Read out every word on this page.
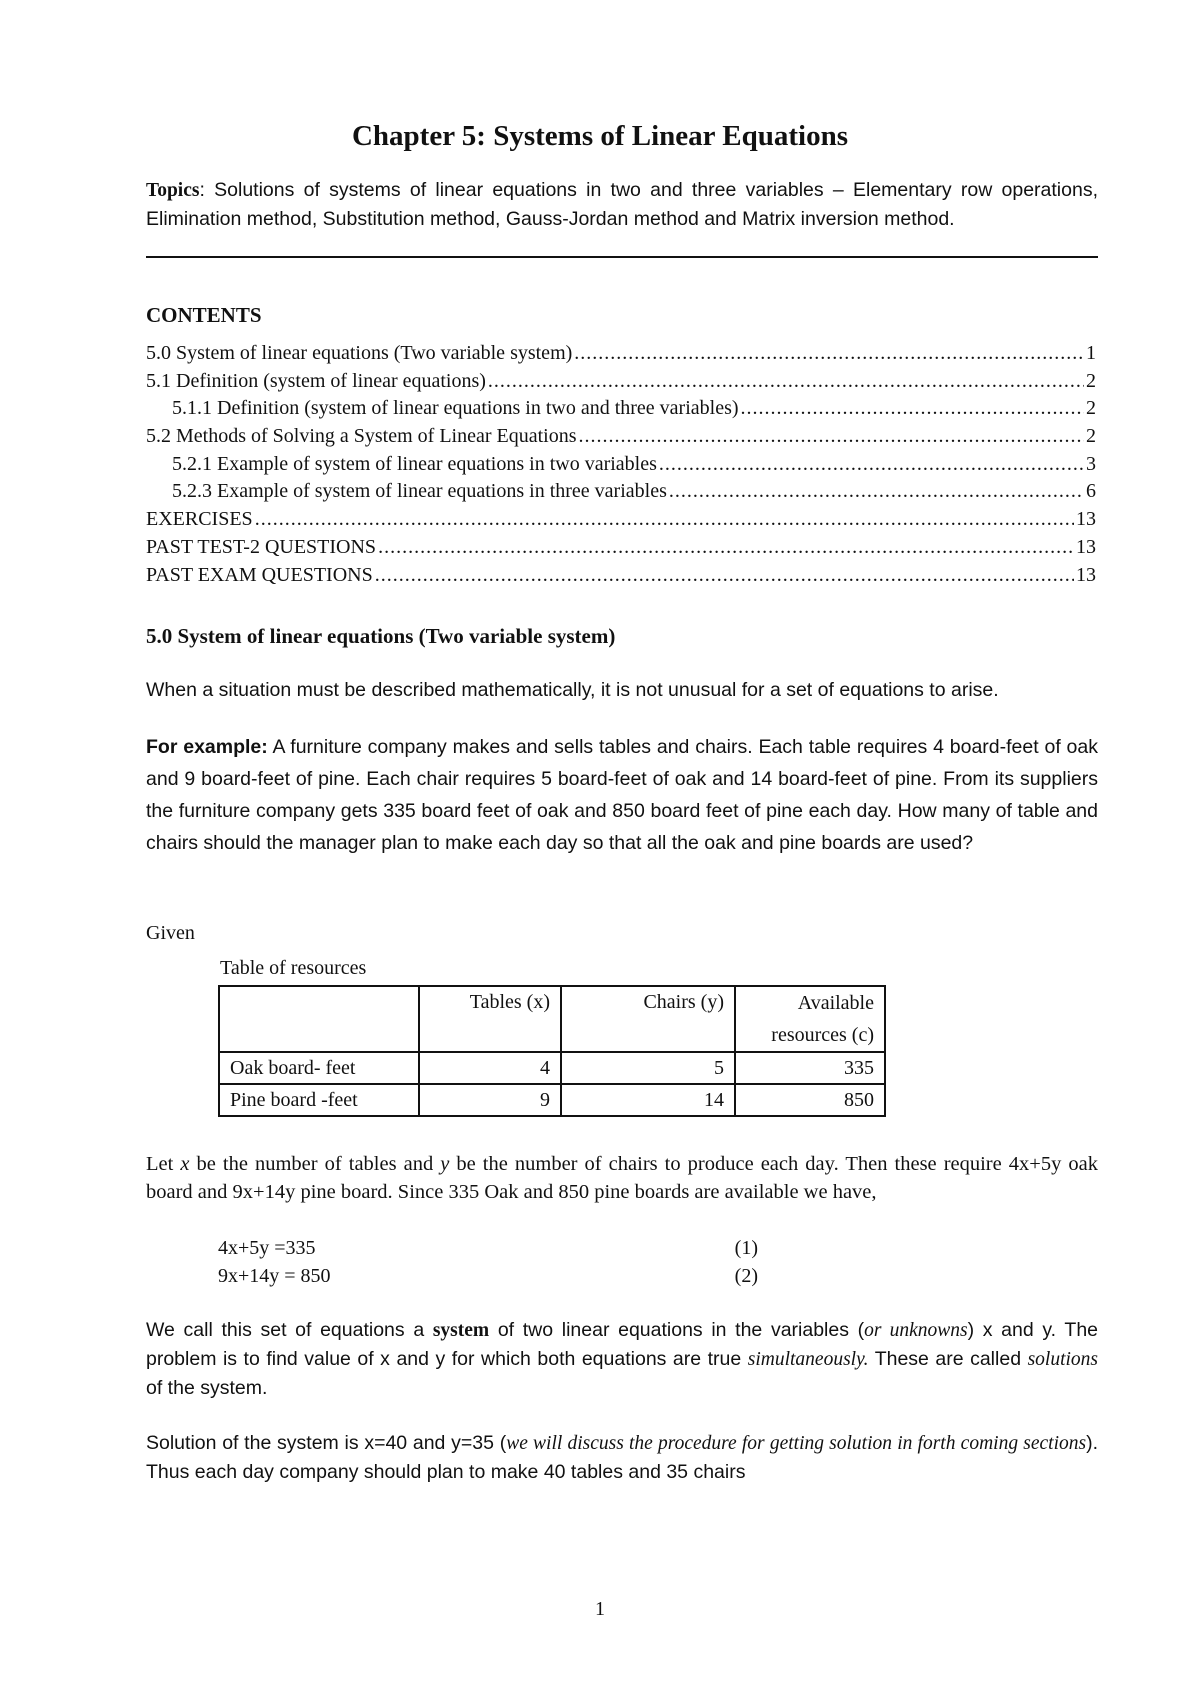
Chapter 5: Systems of Linear Equations
Topics: Solutions of systems of linear equations in two and three variables – Elementary row operations, Elimination method, Substitution method, Gauss-Jordan method and Matrix inversion method.
CONTENTS
5.0 System of linear equations (Two variable system) .....	1
5.1 Definition (system of linear equations) .....	2
5.1.1 Definition (system of linear equations in two and three variables) .....	2
5.2 Methods of Solving a System of Linear Equations .....	2
5.2.1 Example of system of linear equations in two variables .....	3
5.2.3 Example of system of linear equations in three variables .....	6
EXERCISES .....	13
PAST TEST-2 QUESTIONS .....	13
PAST EXAM QUESTIONS .....	13
5.0 System of linear equations (Two variable system)
When a situation must be described mathematically, it is not unusual for a set of equations to arise.
For example: A furniture company makes and sells tables and chairs. Each table requires 4 board-feet of oak and 9 board-feet of pine. Each chair requires 5 board-feet of oak and 14 board-feet of pine. From its suppliers the furniture company gets 335 board feet of oak and 850 board feet of pine each day. How many of table and chairs should the manager plan to make each day so that all the oak and pine boards are used?
Given
Table of resources
	Tables (x)	Chairs (y)	Available resources (c)
Oak board- feet	4	5	335
Pine board -feet	9	14	850
Let x be the number of tables and y be the number of chairs to produce each day. Then these require 4x+5y oak board and 9x+14y pine board. Since 335 Oak and 850 pine boards are available we have,
4x+5y =335	(1)
9x+14y = 850	(2)
We call this set of equations a system of two linear equations in the variables (or unknowns) x and y. The problem is to find value of x and y for which both equations are true simultaneously. These are called solutions of the system.
Solution of the system is x=40 and y=35 (we will discuss the procedure for getting solution in forth coming sections). Thus each day company should plan to make 40 tables and 35 chairs
1
